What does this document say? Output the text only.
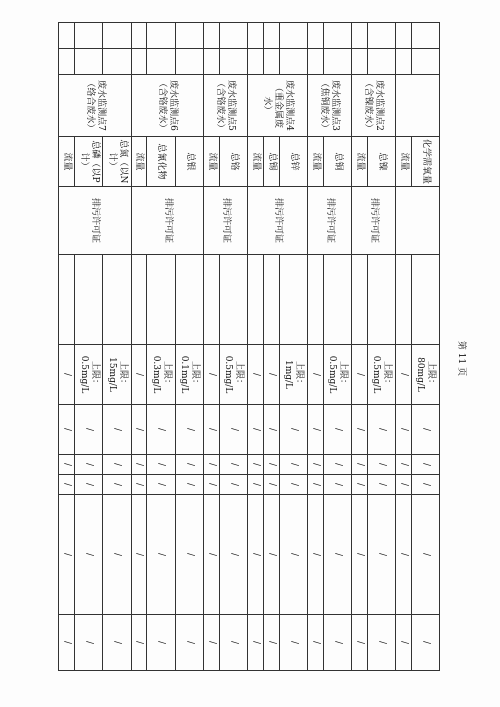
			化学需氧量			上限：80mg/L	/	/	/	/	/
			流量			/	/	/	/	/	/
		废水监测点2（含镍废水）	总镍	排污许可证		上限：0.5mg/L	/	/	/	/	/
			流量			/	/	/	/	/	/
		废水监测点3（焦铜废水）	总铜	排污许可证		上限：0.5mg/L	/	/	/	/	/
			流量			/	/	/	/	/	/
		废水监测点4（重金属废水）	总锌	排污许可证		上限：1mg/L	/	/	/	/	/
			总锡			/	/	/	/	/	/
			流量			/	/	/	/	/	/
		废水监测点5（含铬废水）	总铬	排污许可证		上限：0.5mg/L	/	/	/	/	/
			流量			/	/	/	/	/	/
		废水监测点6（含铬废水）	总银	排污许可证		上限：0.1mg/L	/	/	/	/	/
			总氰化物			上限：0.3mg/L	/	/	/	/	/
			流量			/	/	/	/	/	/
		废水监测点7（络合废水）	总氮（以N计）	排污许可证		上限：15mg/L	/	/	/	/	/
			总磷（以P计）			上限：0.5mg/L	/	/	/	/	/
			流量			/	/	/	/	/	/
第 11 页
